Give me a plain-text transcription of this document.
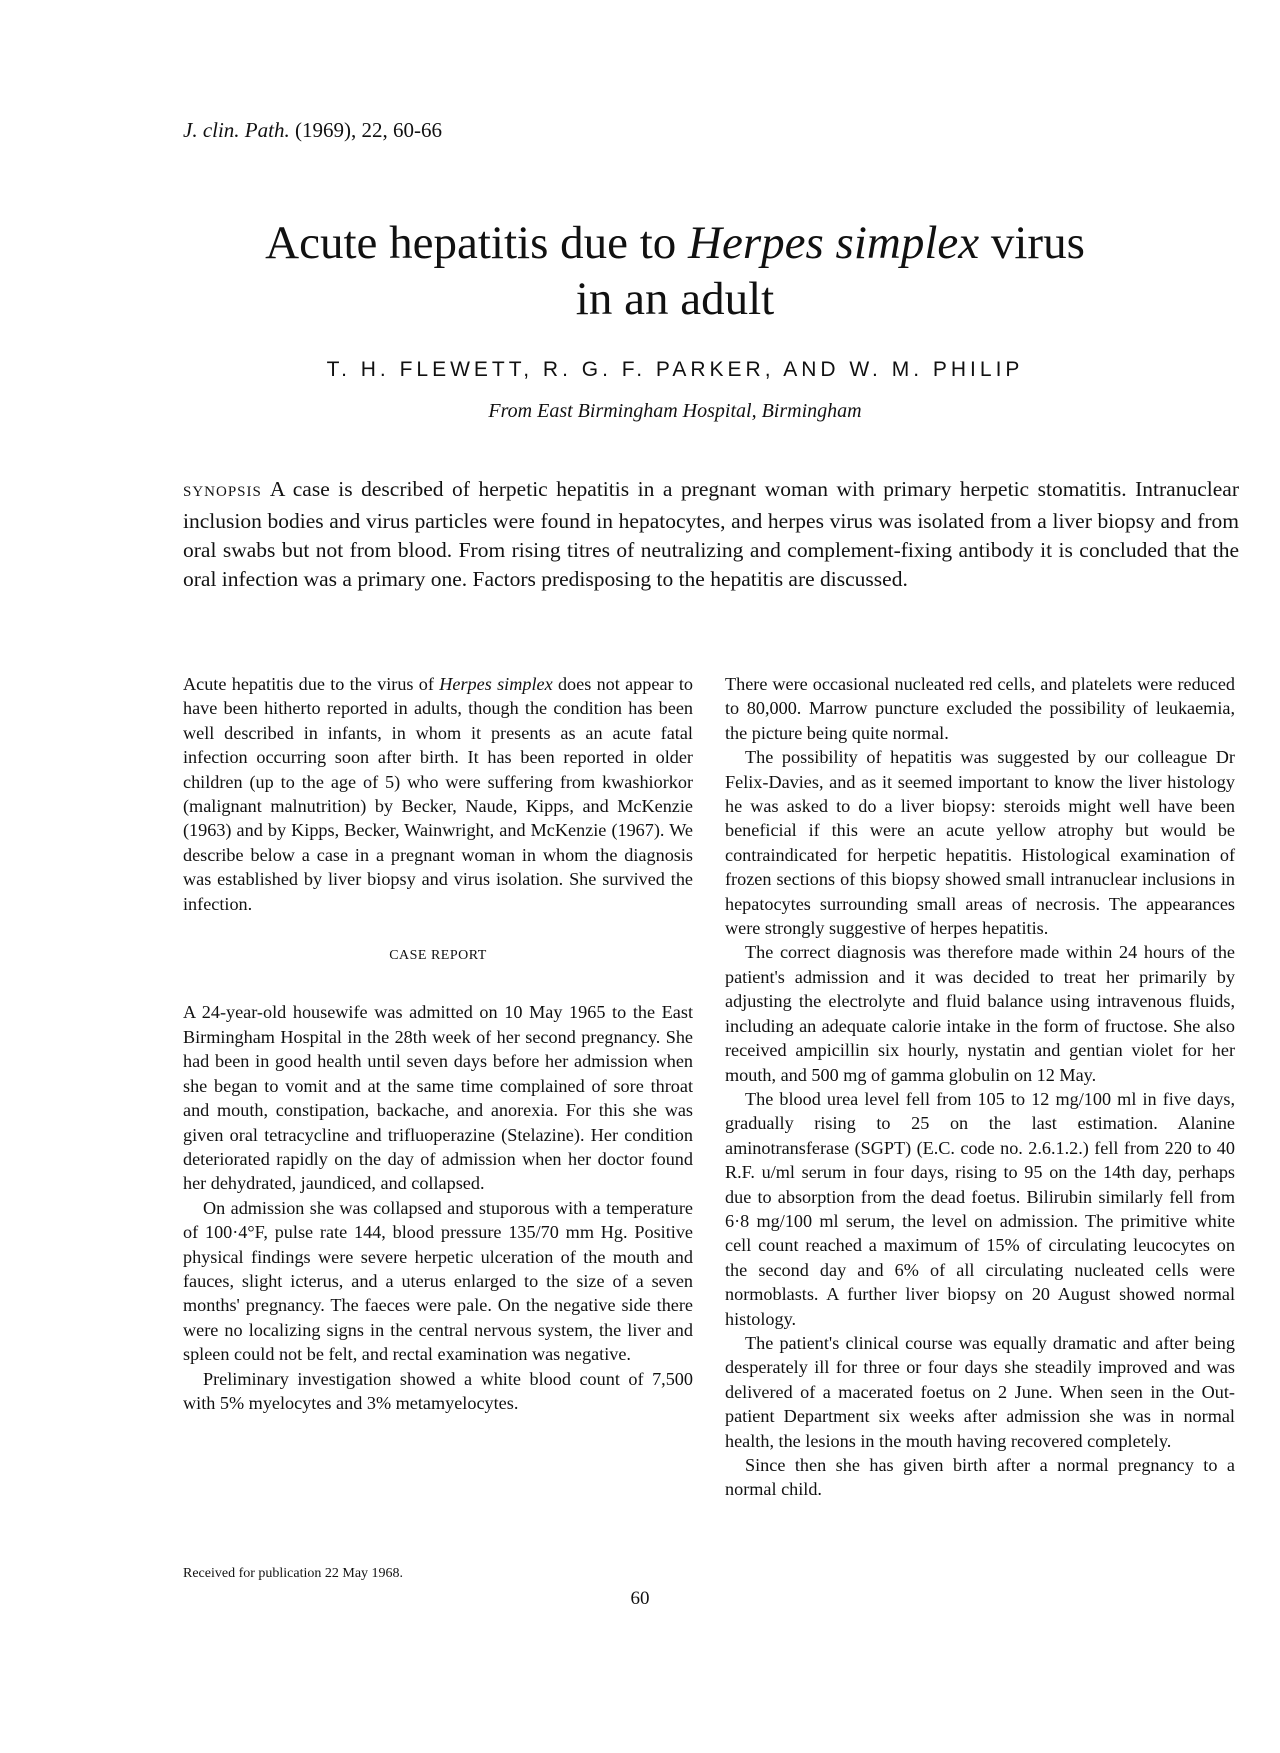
J. clin. Path. (1969), 22, 60-66
Acute hepatitis due to Herpes simplex virus
in an adult
T. H. FLEWETT, R. G. F. PARKER, AND W. M. PHILIP
From East Birmingham Hospital, Birmingham

SYNOPSIS A case is described of herpetic hepatitis in a pregnant woman with primary herpetic stomatitis. Intranuclear inclusion bodies and virus particles were found in hepatocytes, and herpes virus was isolated from a liver biopsy and from oral swabs but not from blood. From rising titres of neutralizing and complement-fixing antibody it is concluded that the oral infection was a primary one. Factors predisposing to the hepatitis are discussed.

Acute hepatitis due to the virus of Herpes simplex does not appear to have been hitherto reported in adults, though the condition has been well described in infants, in whom it presents as an acute fatal infection occurring soon after birth. It has been reported in older children (up to the age of 5) who were suffering from kwashiorkor (malignant malnutrition) by Becker, Naude, Kipps, and McKenzie (1963) and by Kipps, Becker, Wainwright, and McKenzie (1967). We describe below a case in a pregnant woman in whom the diagnosis was established by liver biopsy and virus isolation. She survived the infection.

CASE REPORT

A 24-year-old housewife was admitted on 10 May 1965 to the East Birmingham Hospital in the 28th week of her second pregnancy. She had been in good health until seven days before her admission when she began to vomit and at the same time complained of sore throat and mouth, constipation, backache, and anorexia. For this she was given oral tetracycline and trifluoperazine (Stelazine). Her condition deteriorated rapidly on the day of admission when her doctor found her dehydrated, jaundiced, and collapsed.

On admission she was collapsed and stuporous with a temperature of 100·4°F, pulse rate 144, blood pressure 135/70 mm Hg. Positive physical findings were severe herpetic ulceration of the mouth and fauces, slight icterus, and a uterus enlarged to the size of a seven months' pregnancy. The faeces were pale. On the negative side there were no localizing signs in the central nervous system, the liver and spleen could not be felt, and rectal examination was negative.

Preliminary investigation showed a white blood count of 7,500 with 5% myelocytes and 3% metamyelocytes.

There were occasional nucleated red cells, and platelets were reduced to 80,000. Marrow puncture excluded the possibility of leukaemia, the picture being quite normal.

The possibility of hepatitis was suggested by our colleague Dr Felix-Davies, and as it seemed important to know the liver histology he was asked to do a liver biopsy: steroids might well have been beneficial if this were an acute yellow atrophy but would be contraindicated for herpetic hepatitis. Histological examination of frozen sections of this biopsy showed small intranuclear inclusions in hepatocytes surrounding small areas of necrosis. The appearances were strongly suggestive of herpes hepatitis.

The correct diagnosis was therefore made within 24 hours of the patient's admission and it was decided to treat her primarily by adjusting the electrolyte and fluid balance using intravenous fluids, including an adequate calorie intake in the form of fructose. She also received ampicillin six hourly, nystatin and gentian violet for her mouth, and 500 mg of gamma globulin on 12 May.

The blood urea level fell from 105 to 12 mg/100 ml in five days, gradually rising to 25 on the last estimation. Alanine aminotransferase (SGPT) (E.C. code no. 2.6.1.2.) fell from 220 to 40 R.F. u/ml serum in four days, rising to 95 on the 14th day, perhaps due to absorption from the dead foetus. Bilirubin similarly fell from 6·8 mg/100 ml serum, the level on admission. The primitive white cell count reached a maximum of 15% of circulating leucocytes on the second day and 6% of all circulating nucleated cells were normoblasts. A further liver biopsy on 20 August showed normal histology.

The patient's clinical course was equally dramatic and after being desperately ill for three or four days she steadily improved and was delivered of a macerated foetus on 2 June. When seen in the Out-patient Department six weeks after admission she was in normal health, the lesions in the mouth having recovered completely.

Since then she has given birth after a normal pregnancy to a normal child.

Received for publication 22 May 1968.
60
